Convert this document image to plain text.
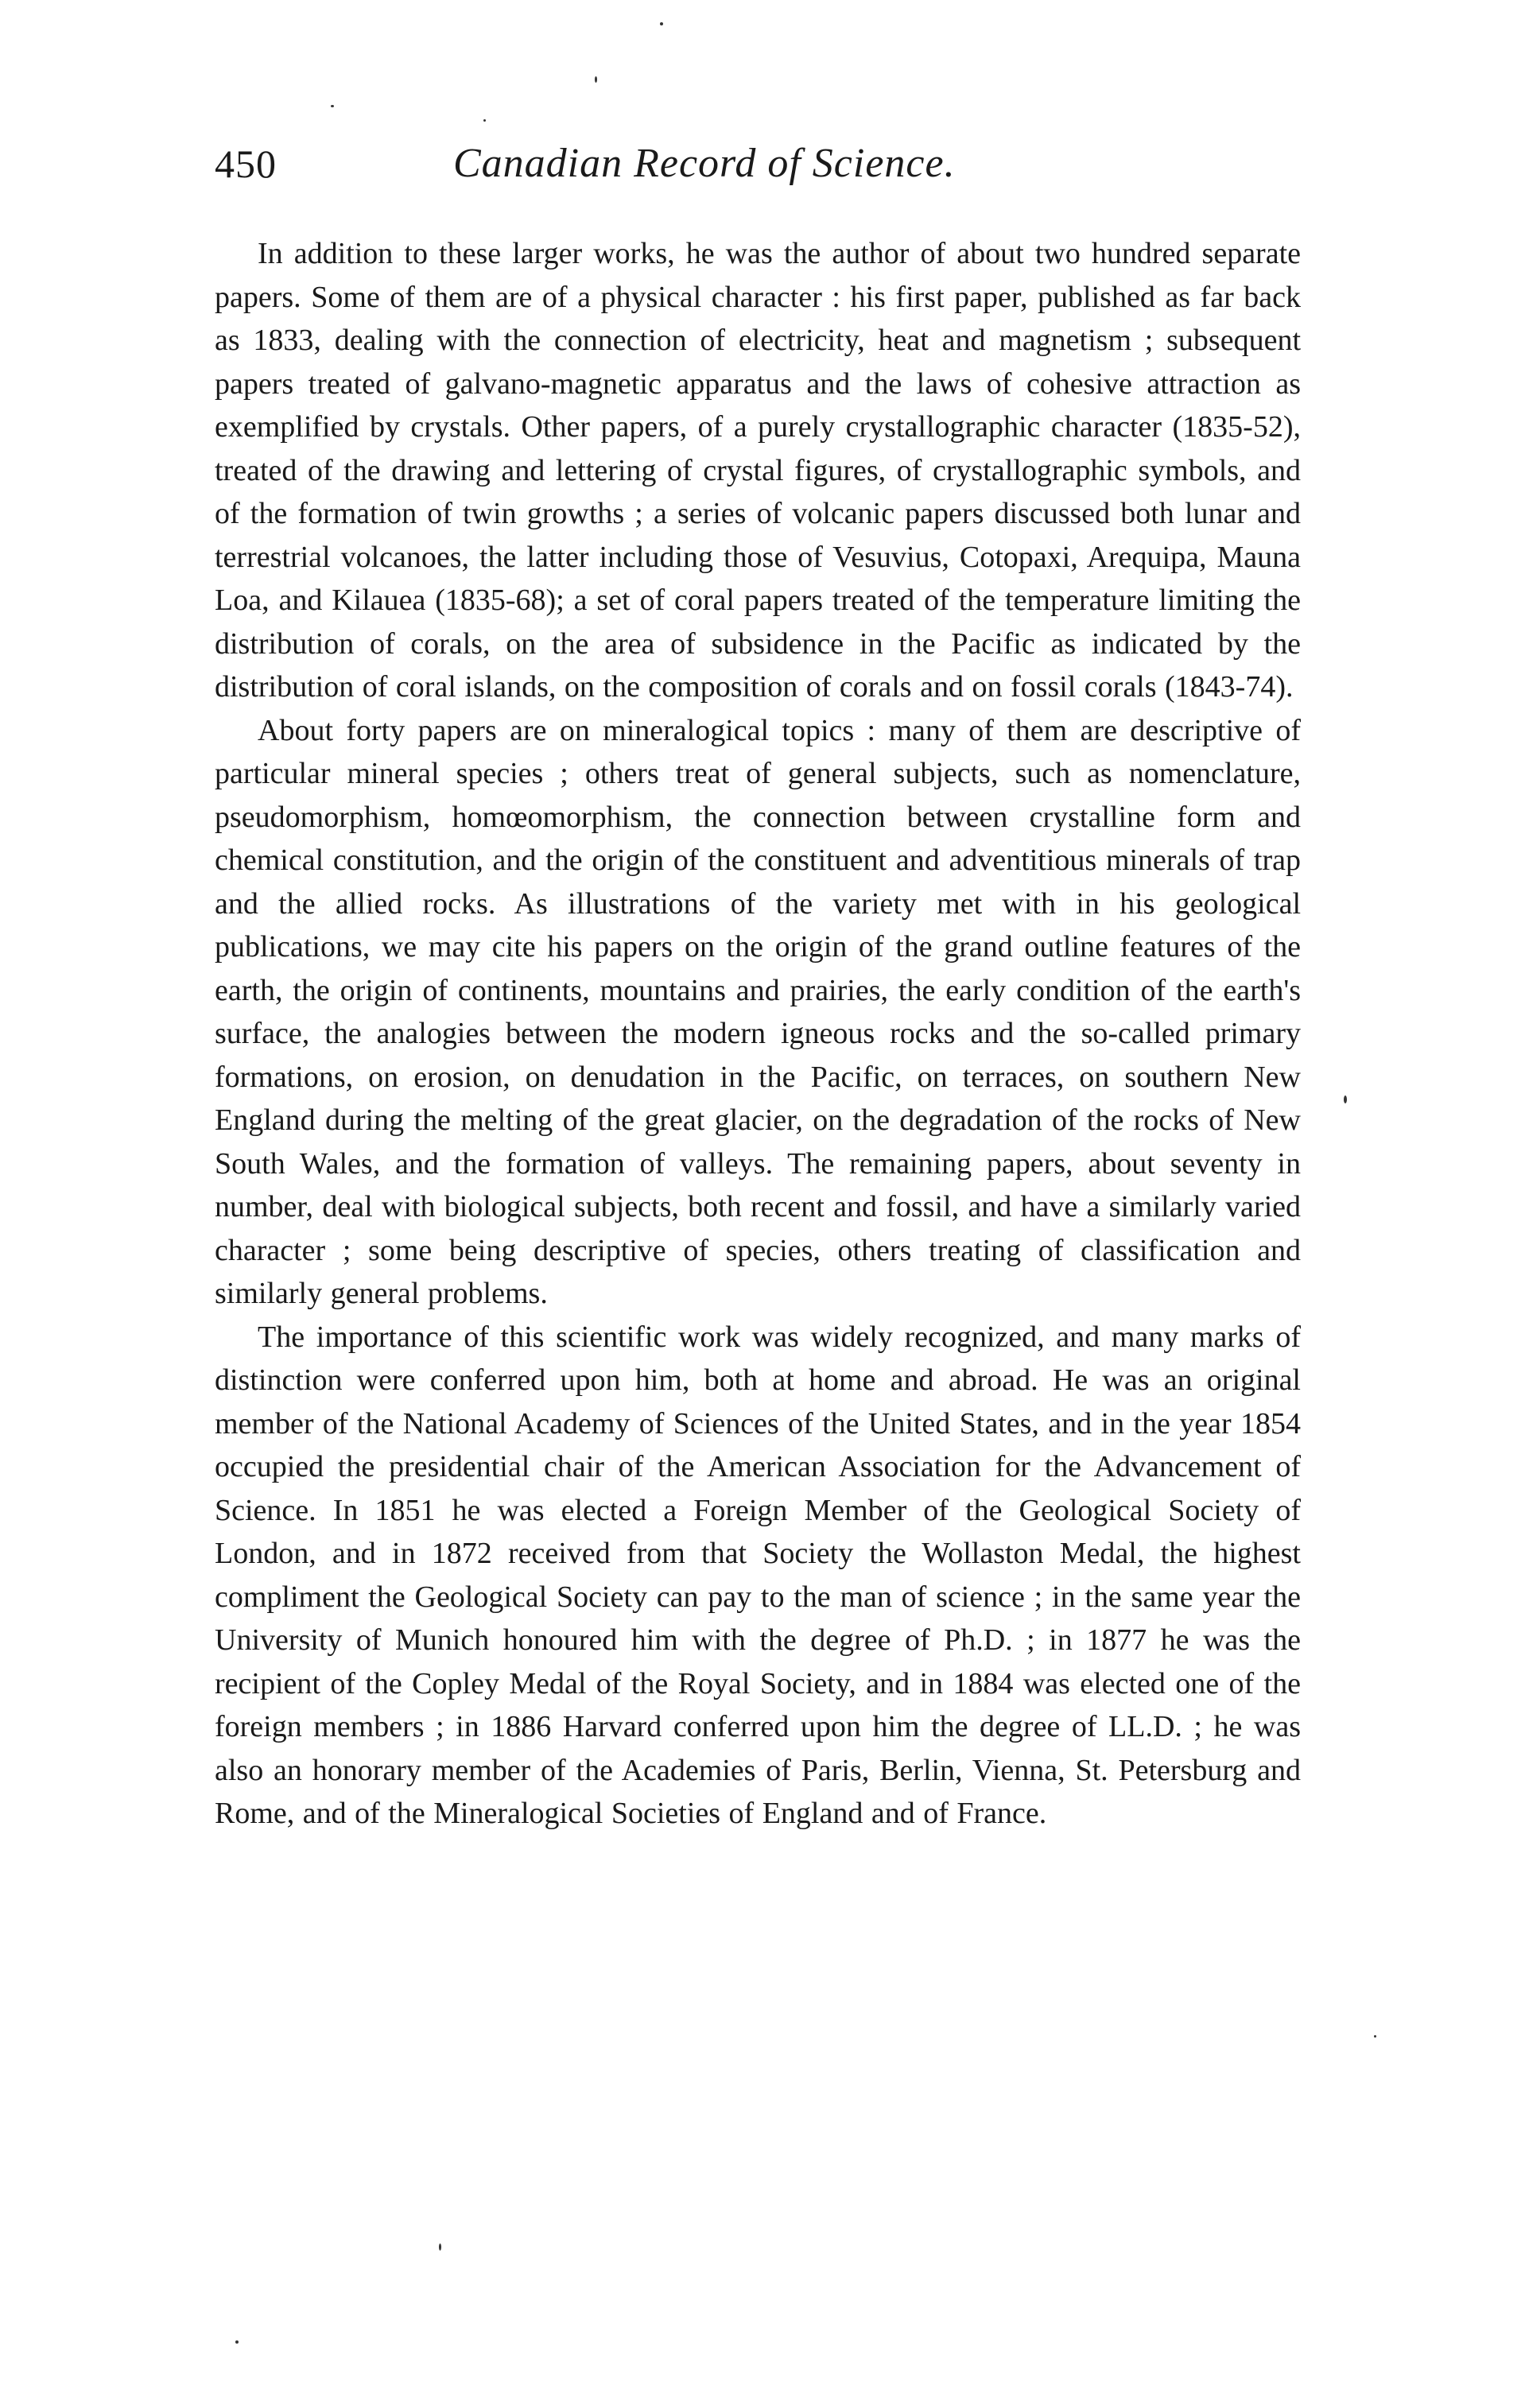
450	Canadian Record of Science.

In addition to these larger works, he was the author of about two hundred separate papers. Some of them are of a physical character : his first paper, published as far back as 1833, dealing with the connection of electricity, heat and magnetism ; subsequent papers treated of galvano-magnetic apparatus and the laws of cohesive attraction as exemplified by crystals. Other papers, of a purely crystallographic character (1835-52), treated of the drawing and lettering of crystal figures, of crystallographic symbols, and of the formation of twin growths ; a series of volcanic papers discussed both lunar and terrestrial volcanoes, the latter including those of Vesuvius, Cotopaxi, Arequipa, Mauna Loa, and Kilauea (1835-68); a set of coral papers treated of the temperature limiting the distribution of corals, on the area of subsidence in the Pacific as indicated by the distribution of coral islands, on the composition of corals and on fossil corals (1843-74).

About forty papers are on mineralogical topics : many of them are descriptive of particular mineral species ; others treat of general subjects, such as nomenclature, pseudomorphism, homœomorphism, the connection between crystalline form and chemical constitution, and the origin of the constituent and adventitious minerals of trap and the allied rocks. As illustrations of the variety met with in his geological publications, we may cite his papers on the origin of the grand outline features of the earth, the origin of continents, mountains and prairies, the early condition of the earth's surface, the analogies between the modern igneous rocks and the so-called primary formations, on erosion, on denudation in the Pacific, on terraces, on southern New England during the melting of the great glacier, on the degradation of the rocks of New South Wales, and the formation of valleys. The remaining papers, about seventy in number, deal with biological subjects, both recent and fossil, and have a similarly varied character ; some being descriptive of species, others treating of classification and similarly general problems.

The importance of this scientific work was widely recognized, and many marks of distinction were conferred upon him, both at home and abroad. He was an original member of the National Academy of Sciences of the United States, and in the year 1854 occupied the presidential chair of the American Association for the Advancement of Science. In 1851 he was elected a Foreign Member of the Geological Society of London, and in 1872 received from that Society the Wollaston Medal, the highest compliment the Geological Society can pay to the man of science ; in the same year the University of Munich honoured him with the degree of Ph.D. ; in 1877 he was the recipient of the Copley Medal of the Royal Society, and in 1884 was elected one of the foreign members ; in 1886 Harvard conferred upon him the degree of LL.D. ; he was also an honorary member of the Academies of Paris, Berlin, Vienna, St. Petersburg and Rome, and of the Mineralogical Societies of England and of France.
